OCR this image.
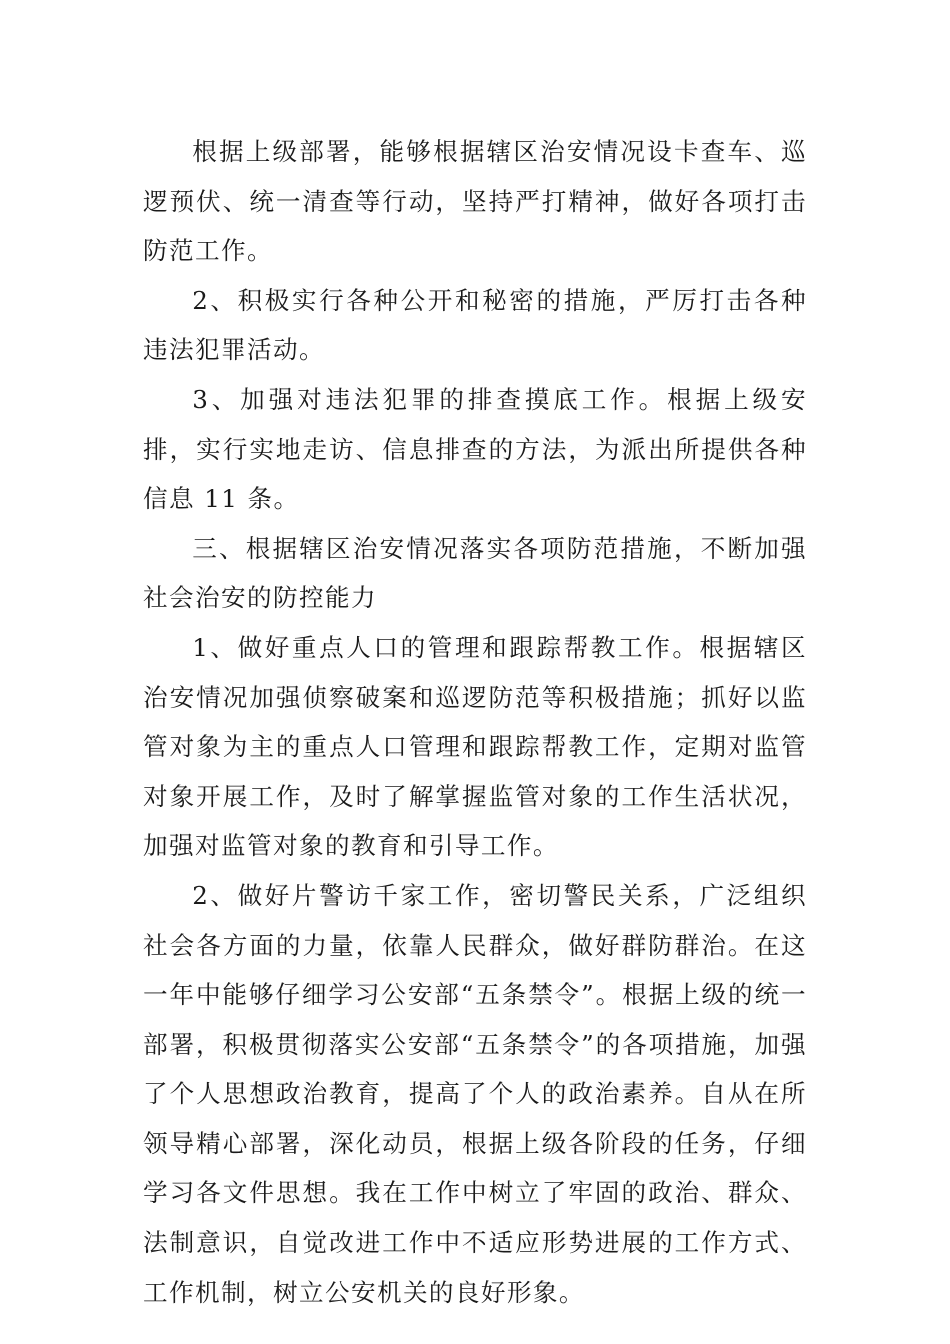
根据上级部署，能够根据辖区治安情况设卡查车、巡逻预伏、统一清查等行动，坚持严打精神，做好各项打击防范工作。

2、积极实行各种公开和秘密的措施，严厉打击各种违法犯罪活动。

3、加强对违法犯罪的排查摸底工作。根据上级安排，实行实地走访、信息排查的方法，为派出所提供各种信息 11 条。

三、根据辖区治安情况落实各项防范措施，不断加强社会治安的防控能力

1、做好重点人口的管理和跟踪帮教工作。根据辖区治安情况加强侦察破案和巡逻防范等积极措施；抓好以监管对象为主的重点人口管理和跟踪帮教工作，定期对监管对象开展工作，及时了解掌握监管对象的工作生活状况，加强对监管对象的教育和引导工作。

2、做好片警访千家工作，密切警民关系，广泛组织社会各方面的力量，依靠人民群众，做好群防群治。在这一年中能够仔细学习公安部“五条禁令”。根据上级的统一部署，积极贯彻落实公安部“五条禁令”的各项措施，加强了个人思想政治教育，提高了个人的政治素养。自从在所领导精心部署，深化动员，根据上级各阶段的任务，仔细学习各文件思想。我在工作中树立了牢固的政治、群众、法制意识，自觉改进工作中不适应形势进展的工作方式、工作机制，树立公安机关的良好形象。
